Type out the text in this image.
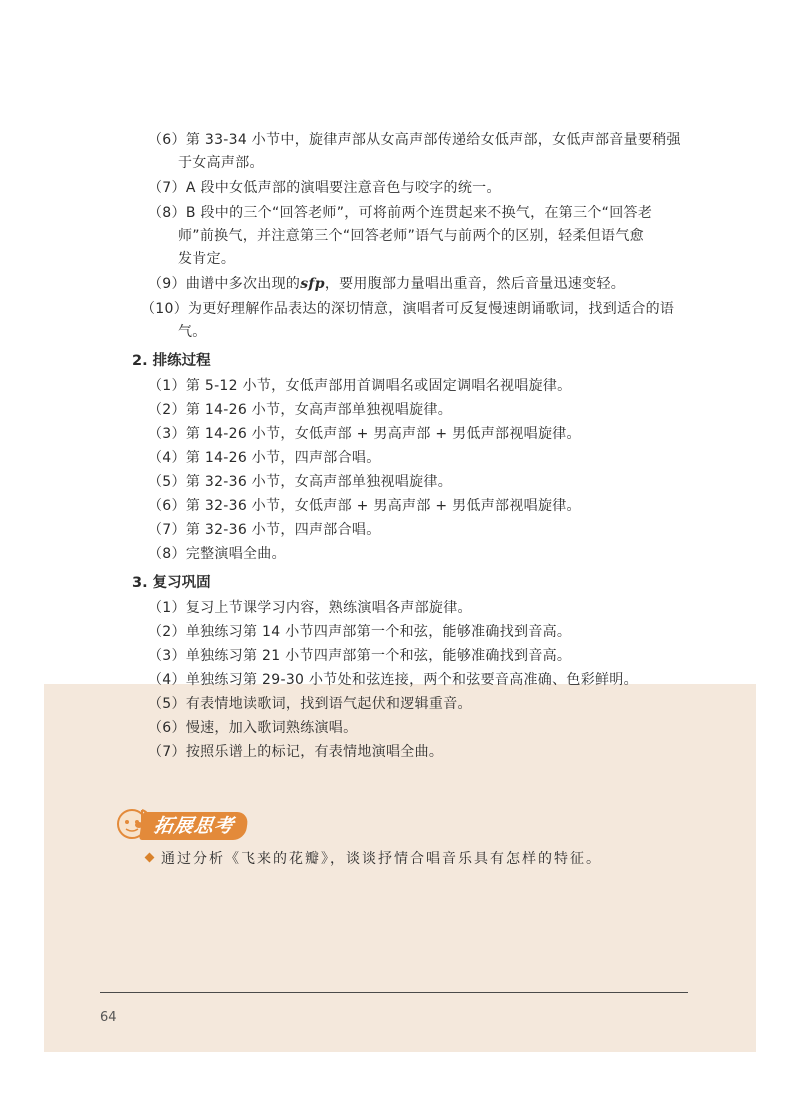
（6）第 33-34 小节中，旋律声部从女高声部传递给女低声部，女低声部音量要稍强
于女高声部。
（7）A 段中女低声部的演唱要注意音色与咬字的统一。
（8）B 段中的三个“回答老师”，可将前两个连贯起来不换气，在第三个“回答老
师”前换气，并注意第三个“回答老师”语气与前两个的区别，轻柔但语气愈
发肯定。
（9）曲谱中多次出现的sfp，要用腹部力量唱出重音，然后音量迅速变轻。
（10）为更好理解作品表达的深切情意，演唱者可反复慢速朗诵歌词，找到适合的语
气。
2. 排练过程
（1）第 5-12 小节，女低声部用首调唱名或固定调唱名视唱旋律。
（2）第 14-26 小节，女高声部单独视唱旋律。
（3）第 14-26 小节，女低声部 + 男高声部 + 男低声部视唱旋律。
（4）第 14-26 小节，四声部合唱。
（5）第 32-36 小节，女高声部单独视唱旋律。
（6）第 32-36 小节，女低声部 + 男高声部 + 男低声部视唱旋律。
（7）第 32-36 小节，四声部合唱。
（8）完整演唱全曲。
3. 复习巩固
（1）复习上节课学习内容，熟练演唱各声部旋律。
（2）单独练习第 14 小节四声部第一个和弦，能够准确找到音高。
（3）单独练习第 21 小节四声部第一个和弦，能够准确找到音高。
（4）单独练习第 29-30 小节处和弦连接，两个和弦要音高准确、色彩鲜明。
（5）有表情地读歌词，找到语气起伏和逻辑重音。
（6）慢速，加入歌词熟练演唱。
（7）按照乐谱上的标记，有表情地演唱全曲。
拓展思考
通过分析《飞来的花瓣》，谈谈抒情合唱音乐具有怎样的特征。
64
